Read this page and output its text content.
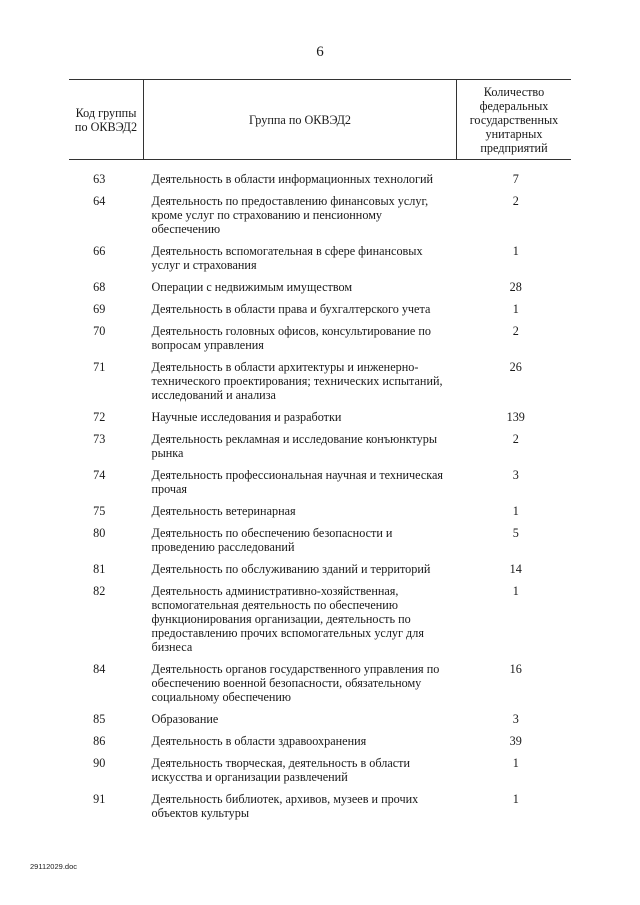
6
Код группы по ОКВЭД2	Группа по ОКВЭД2	Количество федеральных государственных унитарных предприятий

63	Деятельность в области информационных технологий	7
64	Деятельность по предоставлению финансовых услуг, кроме услуг по страхованию и пенсионному обеспечению	2
66	Деятельность вспомогательная в сфере финансовых услуг и страхования	1
68	Операции с недвижимым имуществом	28
69	Деятельность в области права и бухгалтерского учета	1
70	Деятельность головных офисов, консультирование по вопросам управления	2
71	Деятельность в области архитектуры и инженерно-технического проектирования; технических испытаний, исследований и анализа	26
72	Научные исследования и разработки	139
73	Деятельность рекламная и исследование конъюнктуры рынка	2
74	Деятельность профессиональная научная и техническая прочая	3
75	Деятельность ветеринарная	1
80	Деятельность по обеспечению безопасности и проведению расследований	5
81	Деятельность по обслуживанию зданий и территорий	14
82	Деятельность административно-хозяйственная, вспомогательная деятельность по обеспечению функционирования организации, деятельность по предоставлению прочих вспомогательных услуг для бизнеса	1
84	Деятельность органов государственного управления по обеспечению военной безопасности, обязательному социальному обеспечению	16
85	Образование	3
86	Деятельность в области здравоохранения	39
90	Деятельность творческая, деятельность в области искусства и организации развлечений	1
91	Деятельность библиотек, архивов, музеев и прочих объектов культуры	1
29112029.doc
